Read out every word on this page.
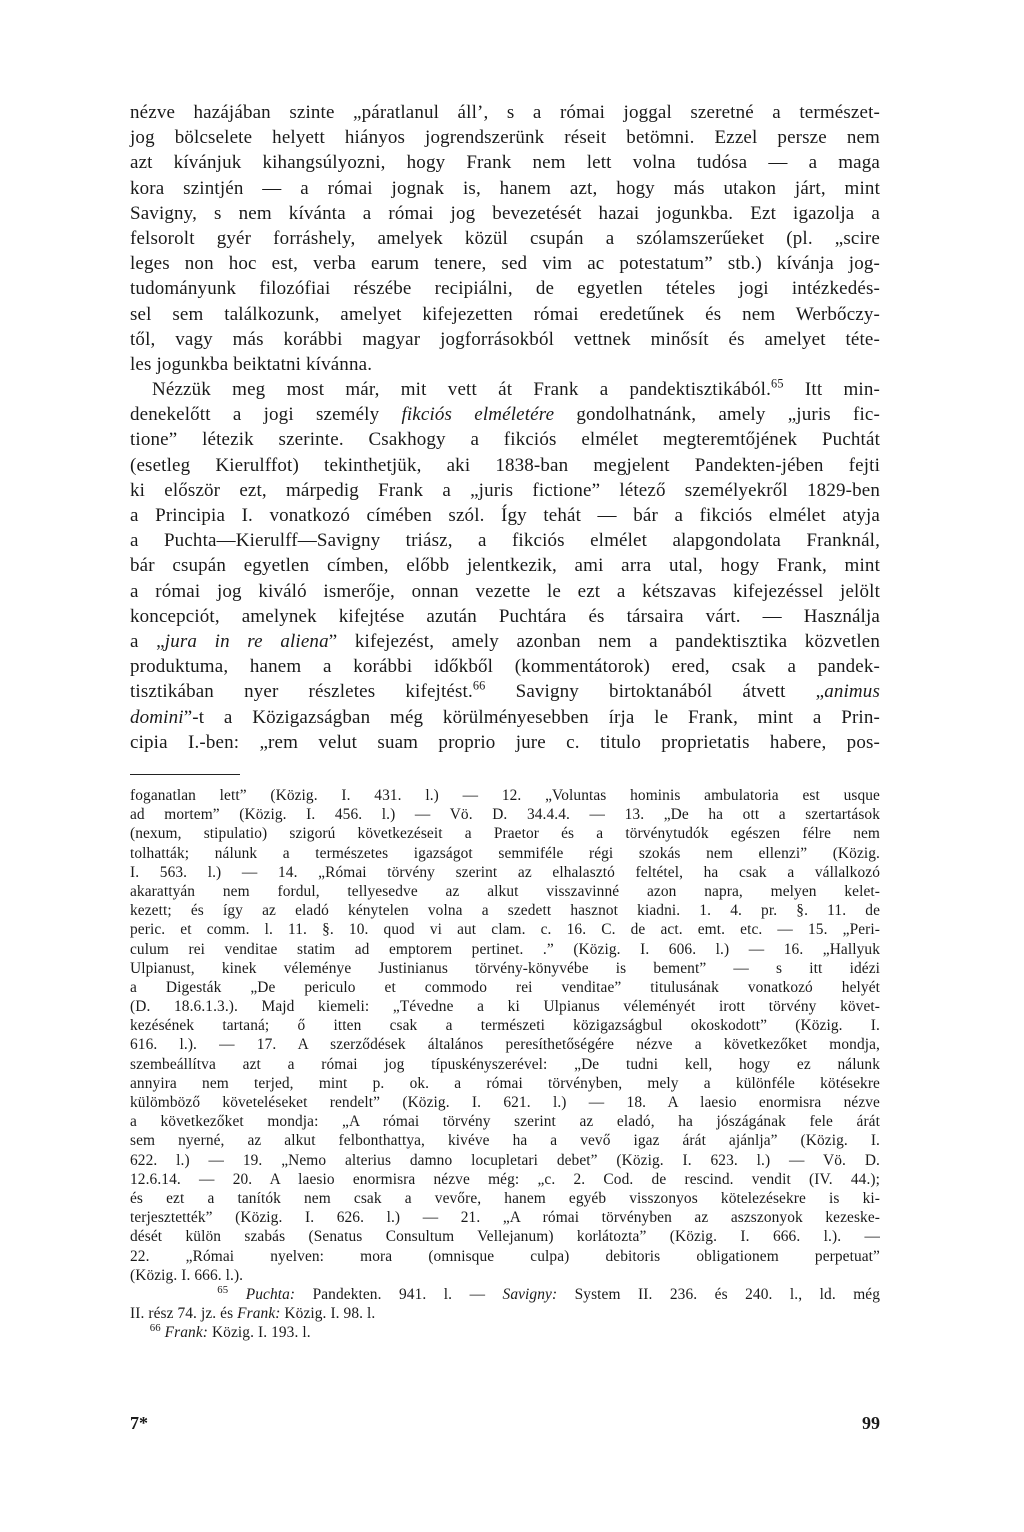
nézve hazájában szinte „páratlanul áll’, s a római joggal szeretné a természet-
jog bölcselete helyett hiányos jogrendszerünk réseit betömni. Ezzel persze nem
azt kívánjuk kihangsúlyozni, hogy Frank nem lett volna tudósa — a maga
kora szintjén — a római jognak is, hanem azt, hogy más utakon járt, mint
Savigny, s nem kívánta a római jog bevezetését hazai jogunkba. Ezt igazolja a
felsorolt gyér forráshely, amelyek közül csupán a szólamszerűeket (pl. „scire
leges non hoc est, verba earum tenere, sed vim ac potestatum” stb.) kívánja jog-
tudományunk filozófiai részébe recipiálni, de egyetlen tételes jogi intézkedés-
sel sem találkozunk, amelyet kifejezetten római eredetűnek és nem Werbőczy-
től, vagy más korábbi magyar jogforrásokból vettnek minősít és amelyet téte-
les jogunkba beiktatni kívánna.
Nézzük meg most már, mit vett át Frank a pandektisztikából.$^{65}$ Itt min-
denekelőtt a jogi személy fikciós elméletére gondolhatnánk, amely „juris fic-
tione” létezik szerinte. Csakhogy a fikciós elmélet megteremtőjének Puchtát
(esetleg Kierulffot) tekinthetjük, aki 1838-ban megjelent Pandekten-jében fejti
ki először ezt, márpedig Frank a „juris fictione” létező személyekről 1829-ben
a Principia I. vonatkozó címében szól. Így tehát — bár a fikciós elmélet atyja
a Puchta—Kierulff—Savigny triász, a fikciós elmélet alapgondolata Franknál,
bár csupán egyetlen címben, előbb jelentkezik, ami arra utal, hogy Frank, mint
a római jog kiváló ismerője, onnan vezette le ezt a kétszavas kifejezéssel jelölt
koncepciót, amelynek kifejtése azután Puchtára és társaira várt. — Használja
a „jura in re aliena” kifejezést, amely azonban nem a pandektisztika közvetlen
produktuma, hanem a korábbi időkből (kommentátorok) ered, csak a pandek-
tisztikában nyer részletes kifejtést.$^{66}$ Savigny birtoktanából átvett „animus
domini”-t a Közigazságban még körülményesebben írja le Frank, mint a Prin-
cipia I.-ben: „rem velut suam proprio jure c. titulo proprietatis habere, pos-
foganatlan lett” (Közig. I. 431. l.) — 12. „Voluntas hominis ambulatoria est usque
ad mortem” (Közig. I. 456. l.) — Vö. D. 34.4.4. — 13. „De ha ott a szertartások
(nexum, stipulatio) szigorú következéseit a Praetor és a törvénytudók egészen félre nem
tolhatták; nálunk a természetes igazságot semmiféle régi szokás nem ellenzi” (Közig.
I. 563. l.) — 14. „Római törvény szerint az elhalasztó feltétel, ha csak a vállalkozó
akarattyán nem fordul, tellyesedve az alkut visszavinné azon napra, melyen kelet-
kezett; és így az eladó kénytelen volna a szedett hasznot kiadni. 1. 4. pr. §. 11. de
peric. et comm. l. 11. §. 10. quod vi aut clam. c. 16. C. de act. emt. etc. — 15. „Peri-
culum rei venditae statim ad emptorem pertinet. .” (Közig. I. 606. l.) — 16. „Hallyuk
Ulpianust, kinek véleménye Justinianus törvény-könyvébe is bement” — s itt idézi
a Digesták „De periculo et commodo rei venditae” titulusának vonatkozó helyét
(D. 18.6.1.3.). Majd kiemeli: „Tévedne a ki Ulpianus véleményét irott törvény követ-
kezésének tartaná; ő itten csak a természeti közigazságbul okoskodott” (Közig. I.
616. l.). — 17. A szerződések általános peresíthetőségére nézve a következőket mondja,
szembeállítva azt a római jog típuskényszerével: „De tudni kell, hogy ez nálunk
annyira nem terjed, mint p. ok. a római törvényben, mely a különféle kötésekre
külömböző követeléseket rendelt” (Közig. I. 621. l.) — 18. A laesio enormisra nézve
a következőket mondja: „A római törvény szerint az eladó, ha jószágának fele árát
sem nyerné, az alkut felbonthattya, kivéve ha a vevő igaz árát ajánlja” (Közig. I.
622. l.) — 19. „Nemo alterius damno locupletari debet” (Közig. I. 623. l.) — Vö. D.
12.6.14. — 20. A laesio enormisra nézve még: „c. 2. Cod. de rescind. vendit (IV. 44.);
és ezt a tanítók nem csak a vevőre, hanem egyéb visszonyos kötelezésekre is ki-
terjesztették” (Közig. I. 626. l.) — 21. „A római törvényben az aszszonyok kezeske-
dését külön szabás (Senatus Consultum Vellejanum) korlátozta” (Közig. I. 666. l.). —
22. „Római nyelven: mora (omnisque culpa) debitoris obligationem perpetuat”
(Közig. I. 666. l.).
$^{65}$ Puchta: Pandekten. 941. l. — Savigny: System II. 236. és 240. l., ld. még
II. rész 74. jz. és Frank: Közig. I. 98. l.
$^{66}$ Frank: Közig. I. 193. l.
7*	99
